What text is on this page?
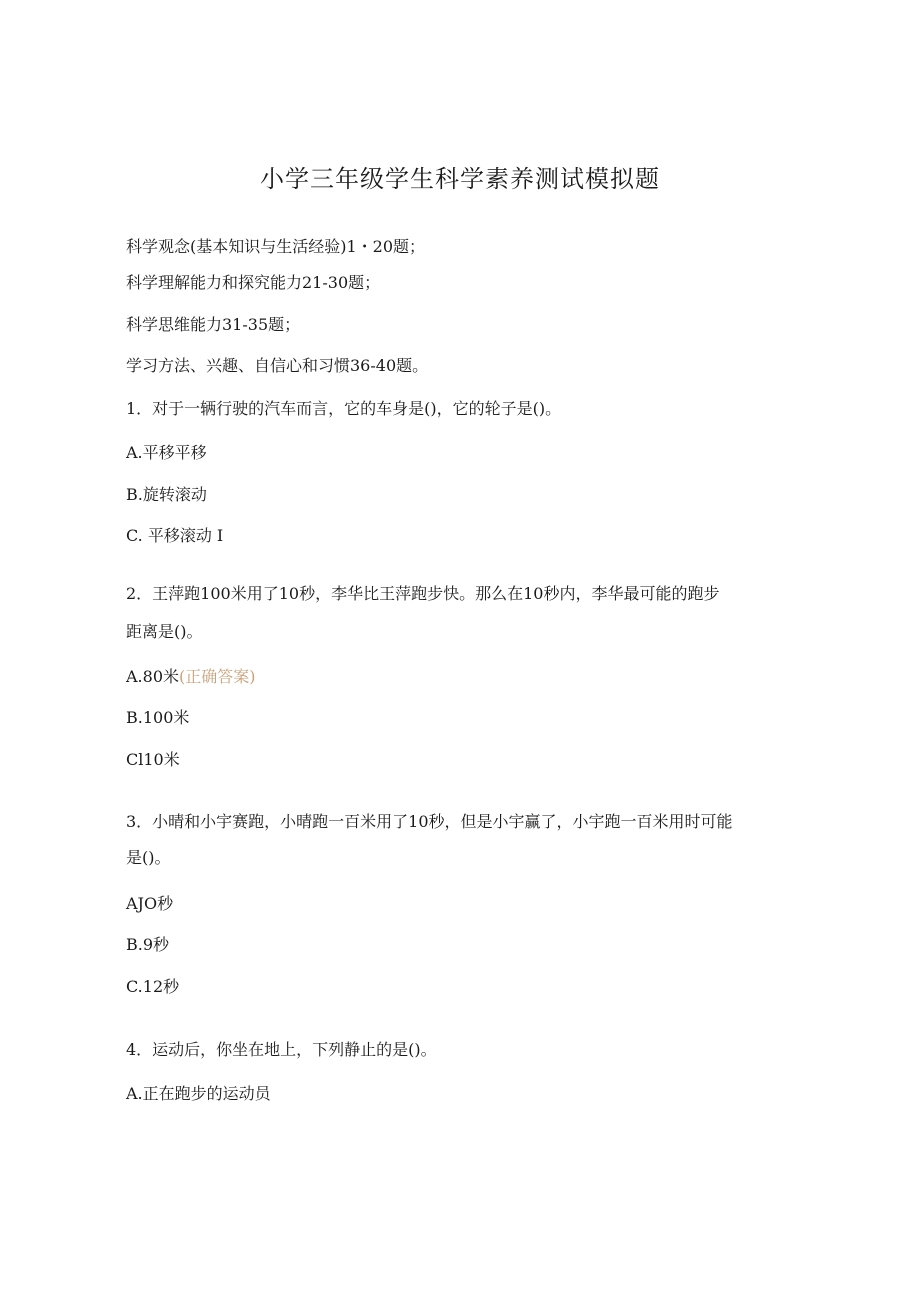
小学三年级学生科学素养测试模拟题
科学观念(基本知识与生活经验)1・20题；
科学理解能力和探究能力21-30题；
科学思维能力31-35题；
学习方法、兴趣、自信心和习惯36-40题。
1．对于一辆行驶的汽车而言，它的车身是()，它的轮子是()。
A.平移平移
B.旋转滚动
C. 平移滚动 I
2．王萍跑100米用了10秒，李华比王萍跑步快。那么在10秒内，李华最可能的跑步
距离是()。
A.80米(正确答案)
B.100米
Cl10米
3．小晴和小宇赛跑，小晴跑一百米用了10秒，但是小宇赢了，小宇跑一百米用时可能
是()。
AJO秒
B.9秒
C.12秒
4．运动后，你坐在地上，下列静止的是()。
A.正在跑步的运动员
